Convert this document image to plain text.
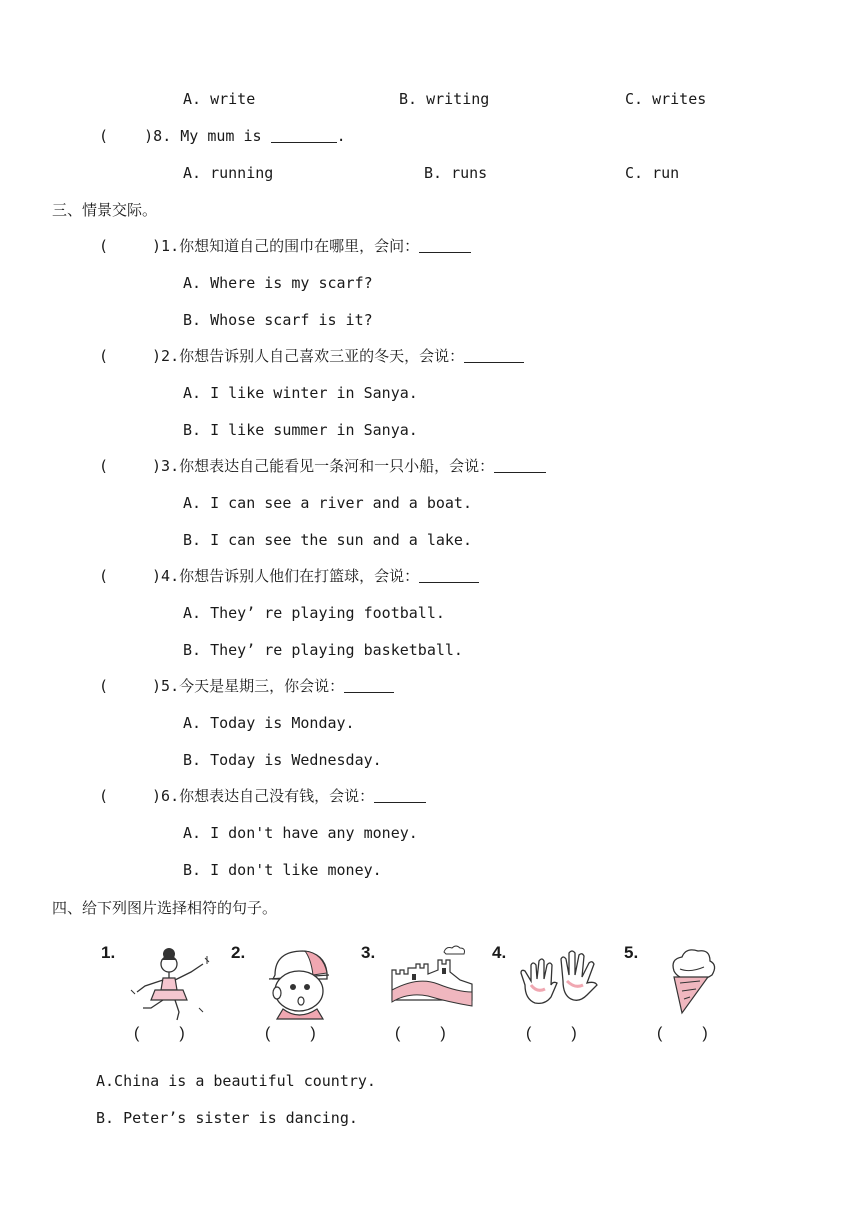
A. write	B. writing	C. writes
( )8. My mum is	.
A. running	B. runs	C. run
三、情景交际。
(	)1.你想知道自己的围巾在哪里，会问：
A. Where is my scarf?
B. Whose scarf is it?
(	)2.你想告诉别人自己喜欢三亚的冬天，会说：
A. I like winter in Sanya.
B. I like summer in Sanya.
(	)3.你想表达自己能看见一条河和一只小船，会说：
A. I can see a river and a boat.
B. I can see the sun and a lake.
(	)4.你想告诉别人他们在打篮球，会说：
A. They’ re playing football.
B. They’ re playing basketball.
(	)5.今天是星期三，你会说：
A. Today is Monday.
B. Today is Wednesday.
(	)6.你想表达自己没有钱，会说：
A. I don't have any money.
B. I don't like money.
四、给下列图片选择相符的句子。
1.	2.	3.	4.	5.
(	)	(	)	(	)	(	)	(	)
A.China is a beautiful country.
B. Peter’s sister is dancing.
